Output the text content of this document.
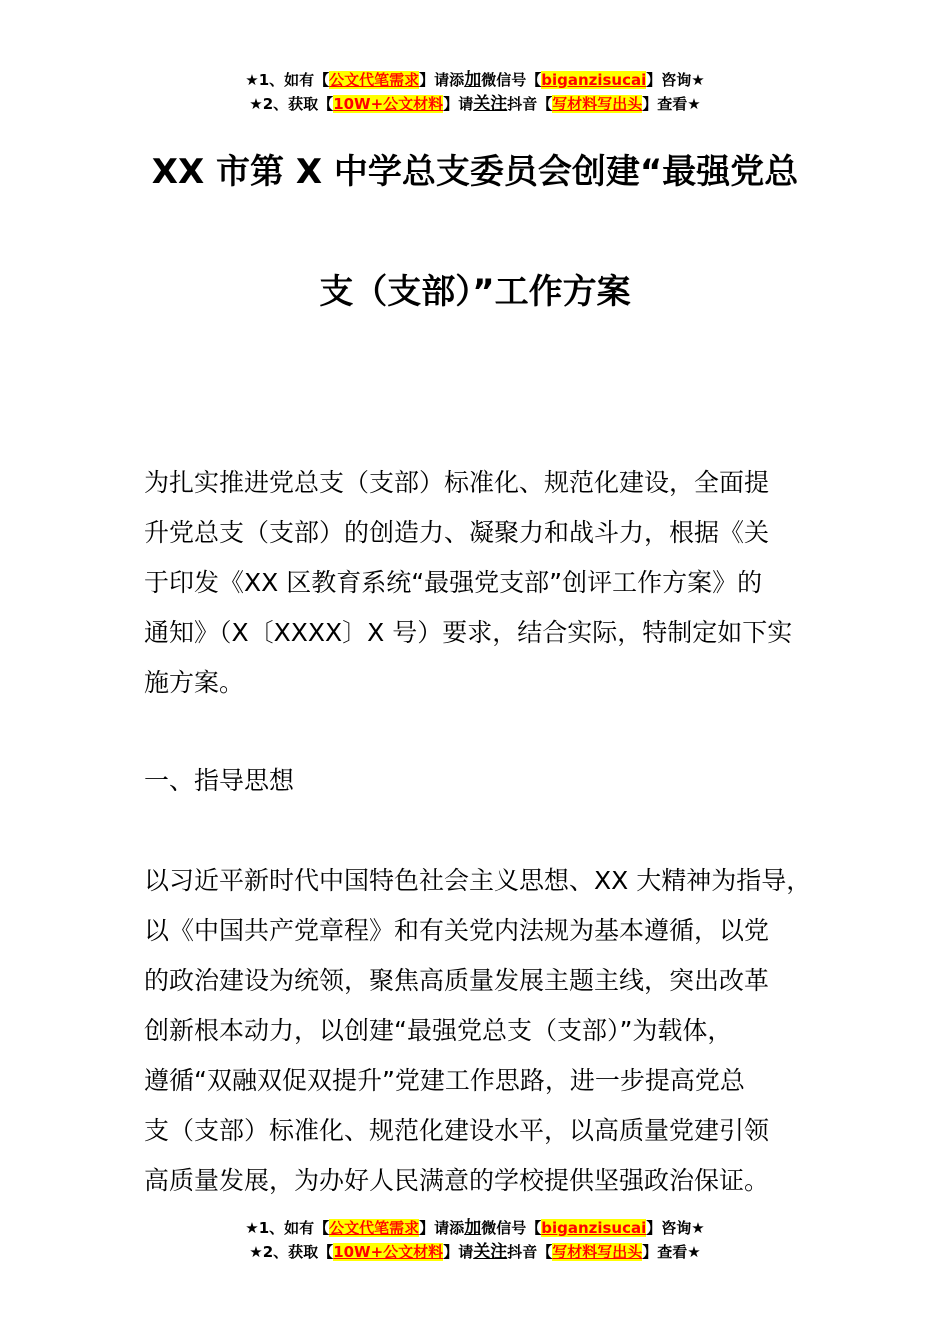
★1、如有【公文代笔需求】请添加微信号【biganzisucai】咨询★
★2、获取【10W+公文材料】请关注抖音【写材料写出头】查看★
XX 市第 X 中学总支委员会创建“最强党总
支（支部）”工作方案
为扎实推进党总支（支部）标准化、规范化建设，全面提
升党总支（支部）的创造力、凝聚力和战斗力，根据《关
于印发《XX 区教育系统“最强党支部”创评工作方案》的
通知》（X〔XXXX〕X 号）要求，结合实际，特制定如下实
施方案。
一、指导思想
以习近平新时代中国特色社会主义思想、XX 大精神为指导，
以《中国共产党章程》和有关党内法规为基本遵循，以党
的政治建设为统领，聚焦高质量发展主题主线，突出改革
创新根本动力，以创建“最强党总支（支部）”为载体，
遵循“双融双促双提升”党建工作思路，进一步提高党总
支（支部）标准化、规范化建设水平，以高质量党建引领
高质量发展，为办好人民满意的学校提供坚强政治保证。
★1、如有【公文代笔需求】请添加微信号【biganzisucai】咨询★
★2、获取【10W+公文材料】请关注抖音【写材料写出头】查看★
